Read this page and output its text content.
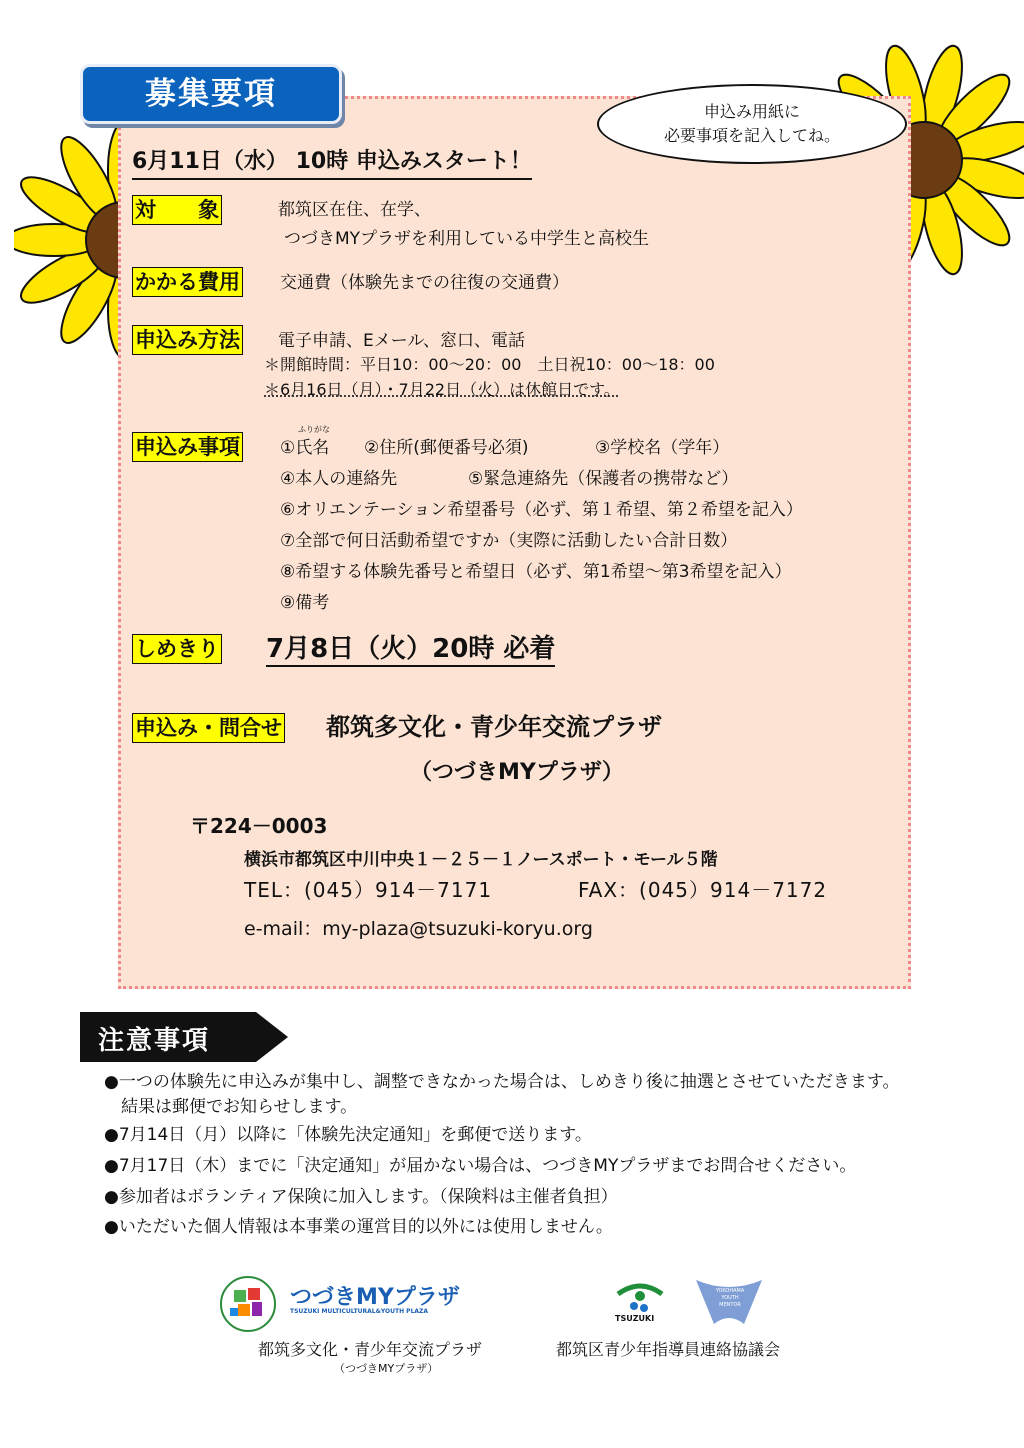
募集要項	申込み用紙に
必要事項を記入してね。
6月11日（水） 10時 申込みスタート！
対　　象	都筑区在住、在学、
つづきMYプラザを利用している中学生と高校生
かかる費用 交通費（体験先までの往復の交通費）
申込み方法 電子申請、Eメール、窓口、電話
＊開館時間：平日10：00～20：00　土日祝10：00～18：00
＊6月16日（月）・7月22日（火）は休館日です。
申込み事項
ふりがな
①氏名 ②住所(郵便番号必須)	③学校名（学年）
④本人の連絡先	⑤緊急連絡先（保護者の携帯など）
⑥オリエンテーション希望番号（必ず、第１希望、第２希望を記入）
⑦全部で何日活動希望ですか（実際に活動したい合計日数）
⑧希望する体験先番号と希望日（必ず、第1希望～第3希望を記入）
⑨備考
しめきり 7月8日（火）20時 必着
申込み・問合せ 都筑多文化・青少年交流プラザ
（つづきMYプラザ）
〒224－0003
横浜市都筑区中川中央１－２５－１ノースポート・モール５階
TEL：(045）914－7171	FAX：(045）914－7172
e-mail：my-plaza@tsuzuki-koryu.org
注意事項
●一つの体験先に申込みが集中し、調整できなかった場合は、しめきり後に抽選とさせていただきます。
　結果は郵便でお知らせします。
●7月14日（月）以降に「体験先決定通知」を郵便で送ります。
●7月17日（木）までに「決定通知」が届かない場合は、つづきMYプラザまでお問合せください。
●参加者はボランティア保険に加入します。（保険料は主催者負担）
●いただいた個人情報は本事業の運営目的以外には使用しません。
つづきMYプラザ
TSUZUKI MULTICULTURAL&YOUTH PLAZA
都筑多文化・青少年交流プラザ
（つづきMYプラザ）
TSUZUKI
YOKOHAMA YOUTH MENTOR
都筑区青少年指導員連絡協議会
